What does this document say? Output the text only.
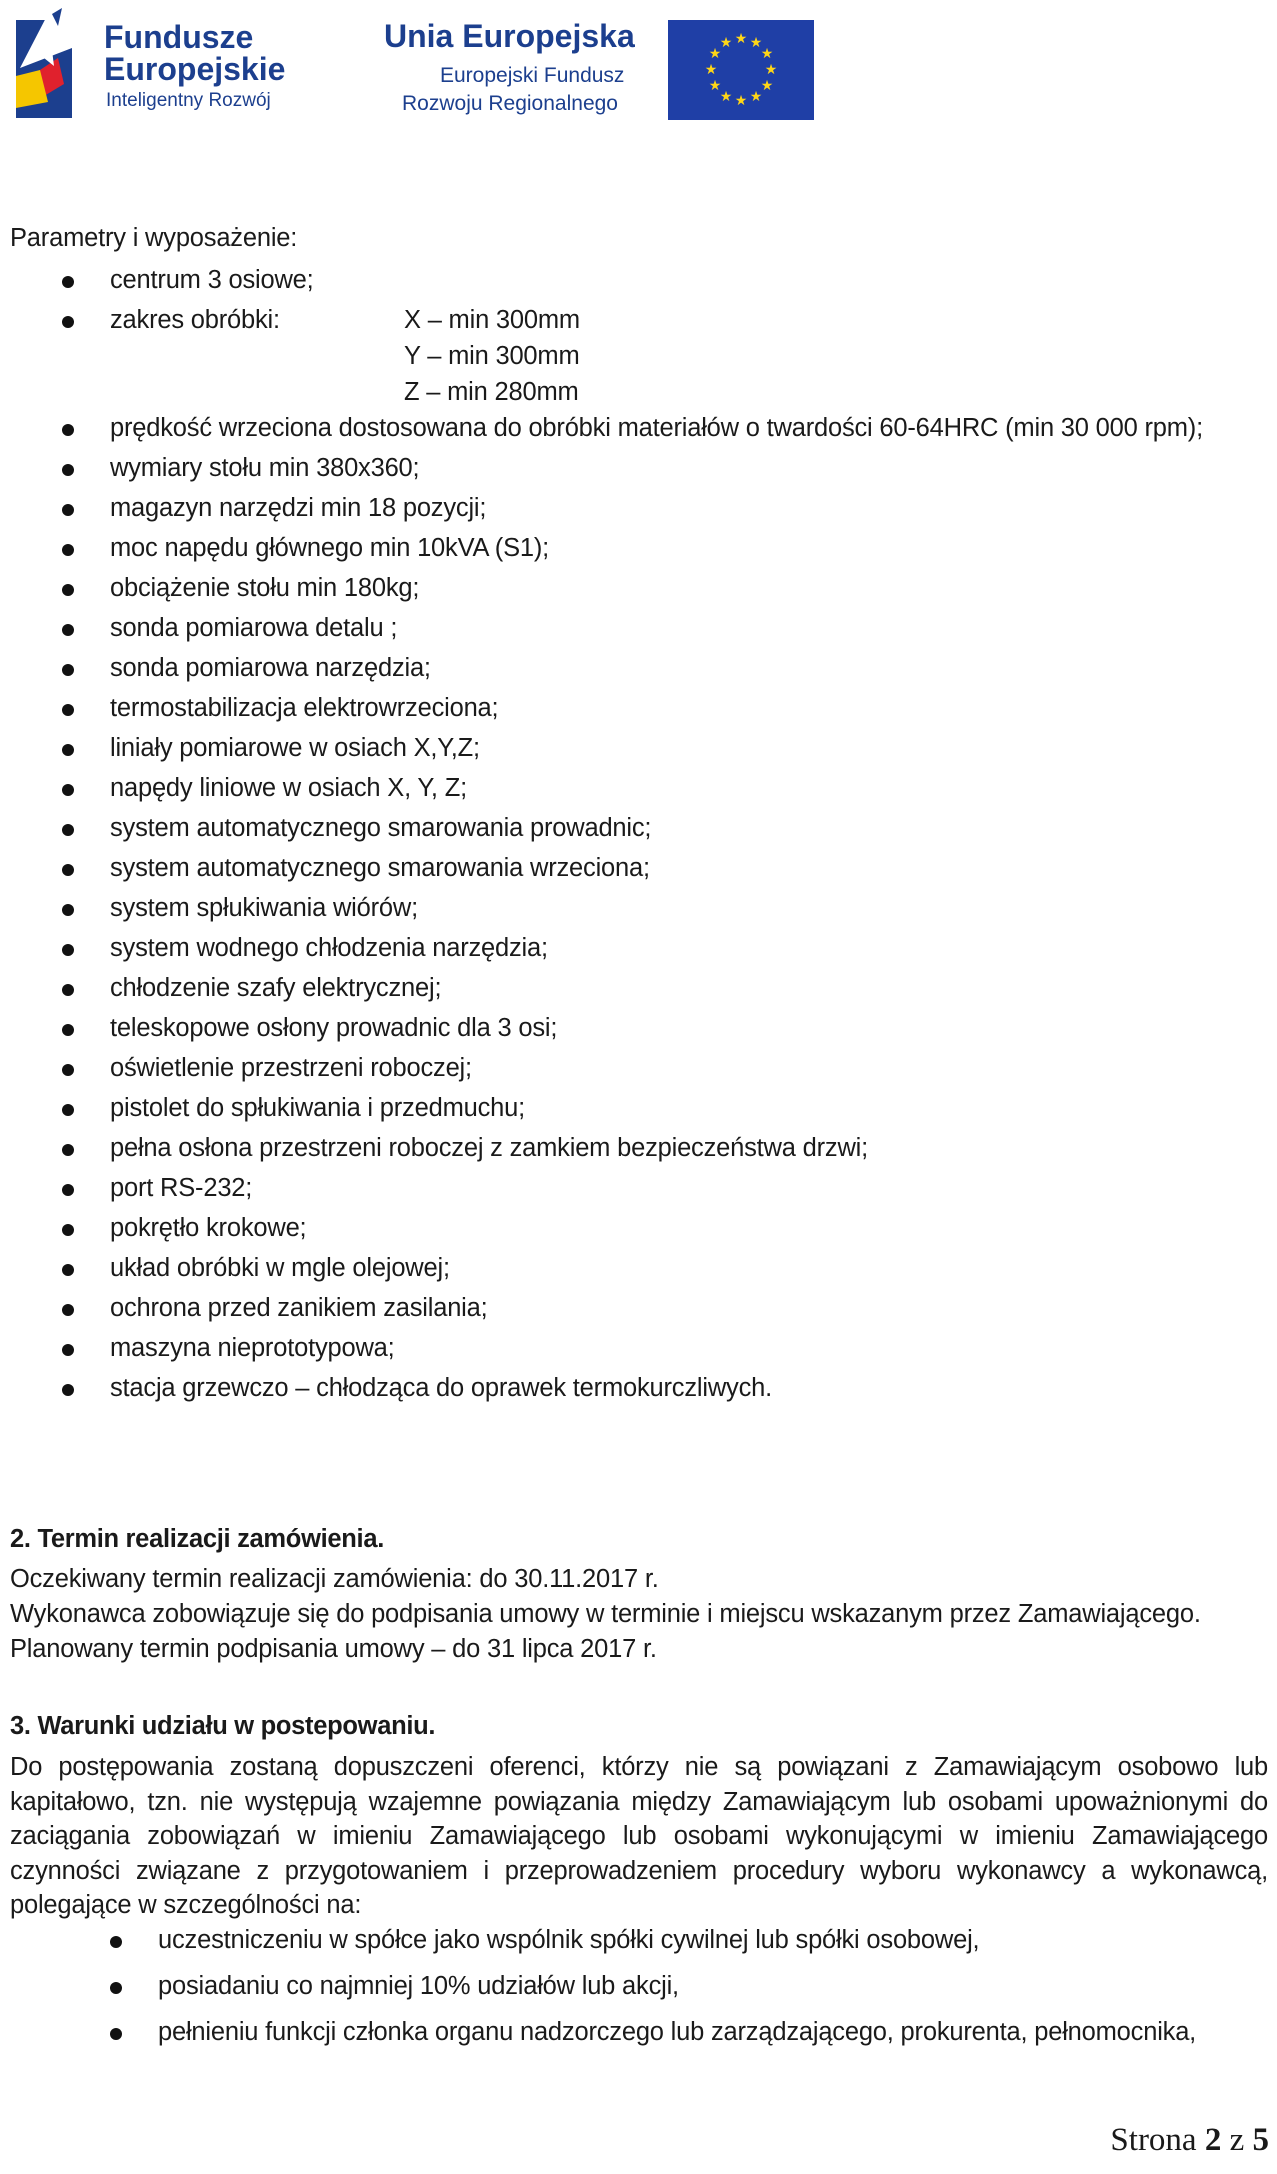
Fundusze
Europejskie
Inteligentny Rozwój
Unia Europejska
Europejski Fundusz
Rozwoju Regionalnego
★ ★
★
★
★
★
★
★
★
★
★
★
Parametry i wyposażenie:
centrum 3 osiowe;
zakres obróbki:
prędkość wrzeciona dostosowana do obróbki materiałów o twardości 60-64HRC (min 30 000 rpm);
wymiary stołu min 380x360;
magazyn narzędzi min 18 pozycji;
moc napędu głównego min 10kVA (S1);
obciążenie stołu min 180kg;
sonda pomiarowa detalu ;
sonda pomiarowa narzędzia;
termostabilizacja elektrowrzeciona;
liniały pomiarowe w osiach X,Y,Z;
napędy liniowe w osiach X, Y, Z;
system automatycznego smarowania prowadnic;
system automatycznego smarowania wrzeciona;
system spłukiwania wiórów;
system wodnego chłodzenia narzędzia;
chłodzenie szafy elektrycznej;
teleskopowe osłony prowadnic dla 3 osi;
oświetlenie przestrzeni roboczej;
pistolet do spłukiwania i przedmuchu;
pełna osłona przestrzeni roboczej z zamkiem bezpieczeństwa drzwi;
port RS-232;
pokrętło krokowe;
układ obróbki w mgle olejowej;
ochrona przed zanikiem zasilania;
maszyna nieprototypowa;
stacja grzewczo – chłodząca do oprawek termokurczliwych.
X – min 300mm
Y – min 300mm
Z – min 280mm
2. Termin realizacji zamówienia.
Oczekiwany termin realizacji zamówienia: do 30.11.2017 r.
Wykonawca zobowiązuje się do podpisania umowy w terminie i miejscu wskazanym przez Zamawiającego.
Planowany termin podpisania umowy – do 31 lipca 2017 r.
3. Warunki udziału w postepowaniu.
Do postępowania zostaną dopuszczeni oferenci, którzy nie są powiązani z Zamawiającym osobowo lub kapitałowo, tzn. nie występują wzajemne powiązania między Zamawiającym lub osobami upoważnionymi do zaciągania zobowiązań w imieniu Zamawiającego lub osobami wykonującymi w imieniu Zamawiającego czynności związane z przygotowaniem i przeprowadzeniem procedury wyboru wykonawcy a wykonawcą, polegające w szczególności na:
uczestniczeniu w spółce jako wspólnik spółki cywilnej lub spółki osobowej,
posiadaniu co najmniej 10% udziałów lub akcji,
pełnieniu funkcji członka organu nadzorczego lub zarządzającego, prokurenta, pełnomocnika,
Strona 2 z 5
